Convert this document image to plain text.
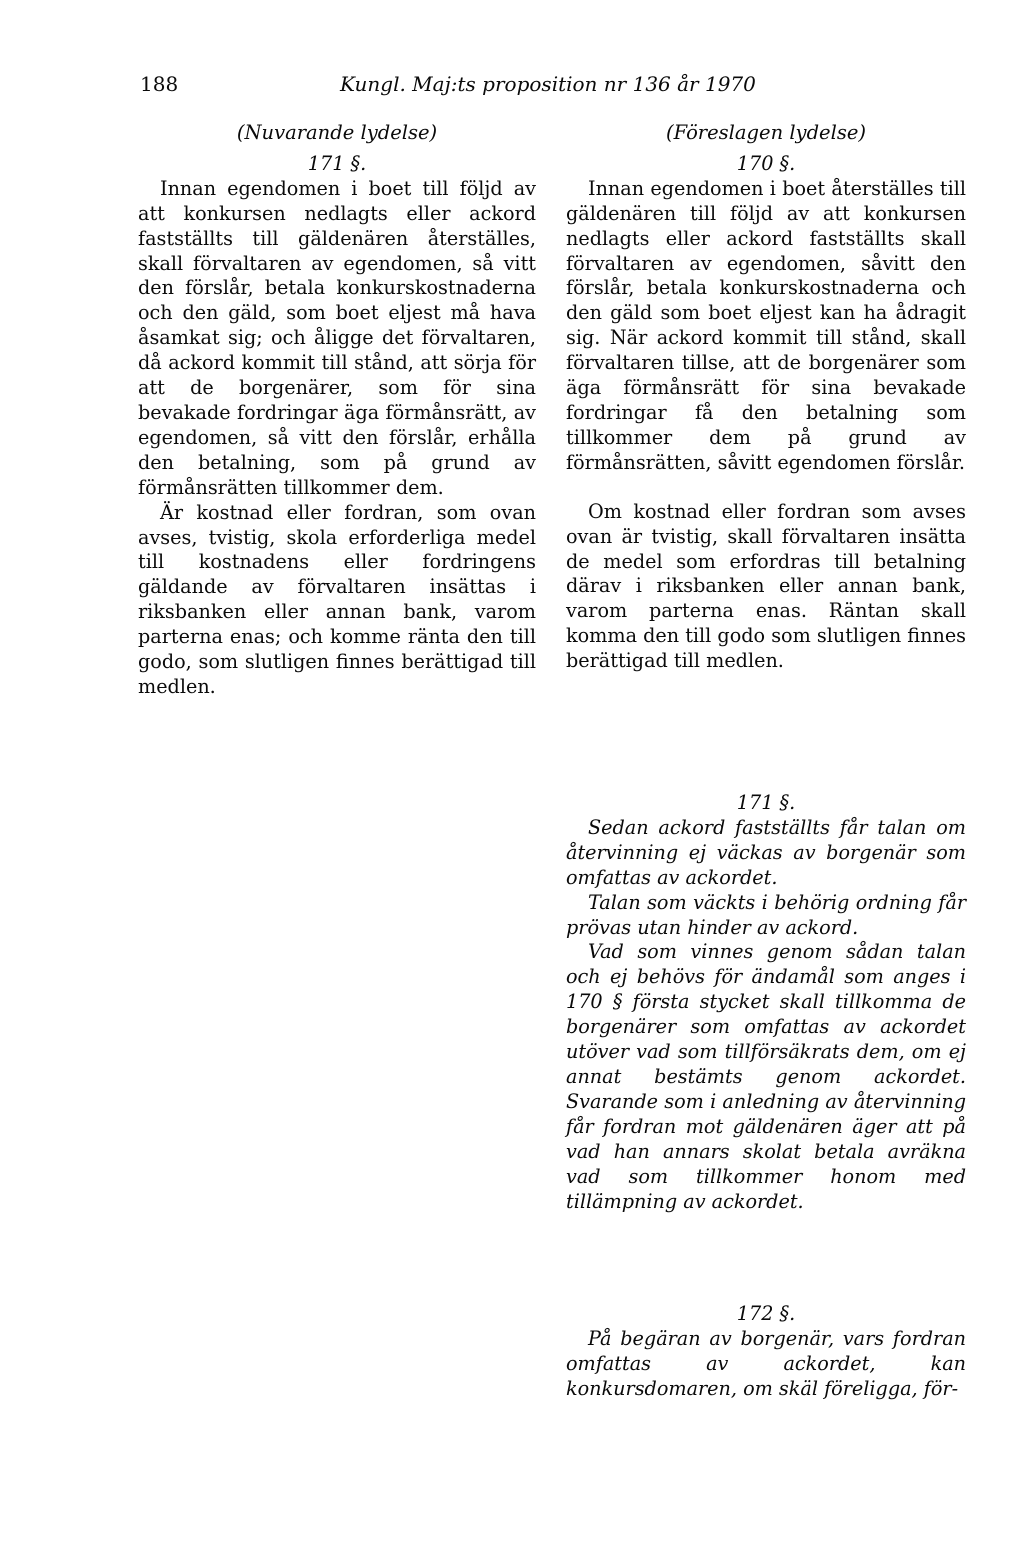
188	Kungl. Maj:ts proposition nr 136 år 1970
(Nuvarande lydelse)
171 §.

Innan egendomen i boet till följd av att konkursen nedlagts eller ackord fastställts till gäldenären återställes, skall förvaltaren av egendomen, så vitt den förslår, betala konkurskostnaderna och den gäld, som boet eljest må hava åsamkat sig; och åligge det förvaltaren, då ackord kommit till stånd, att sörja för att de borgenärer, som för sina bevakade fordringar äga förmånsrätt, av egendomen, så vitt den förslår, erhålla den betalning, som på grund av förmånsrätten tillkommer dem.

Är kostnad eller fordran, som ovan avses, tvistig, skola erforderliga medel till kostnadens eller fordringens gäldande av förvaltaren insättas i riksbanken eller annan bank, varom parterna enas; och komme ränta den till godo, som slutligen finnes berättigad till medlen.

(Föreslagen lydelse)
170 §.

Innan egendomen i boet återställes till gäldenären till följd av att konkursen nedlagts eller ackord fastställts skall förvaltaren av egendomen, såvitt den förslår, betala konkurskostnaderna och den gäld som boet eljest kan ha ådragit sig. När ackord kommit till stånd, skall förvaltaren tillse, att de borgenärer som äga förmånsrätt för sina bevakade fordringar få den betalning som tillkommer dem på grund av förmånsrätten, såvitt egendomen förslår.

Om kostnad eller fordran som avses ovan är tvistig, skall förvaltaren insätta de medel som erfordras till betalning därav i riksbanken eller annan bank, varom parterna enas. Räntan skall komma den till godo som slutligen finnes berättigad till medlen.

171 §.

Sedan ackord fastställts får talan om återvinning ej väckas av borgenär som omfattas av ackordet.

Talan som väckts i behörig ordning får prövas utan hinder av ackord.

Vad som vinnes genom sådan talan och ej behövs för ändamål som anges i 170 § första stycket skall tillkomma de borgenärer som omfattas av ackordet utöver vad som tillförsäkrats dem, om ej annat bestämts genom ackordet. Svarande som i anledning av återvinning får fordran mot gäldenären äger att på vad han annars skolat betala avräkna vad som tillkommer honom med tillämpning av ackordet.

172 §.

På begäran av borgenär, vars fordran omfattas av ackordet, kan konkursdomaren, om skäl föreligga, för-
